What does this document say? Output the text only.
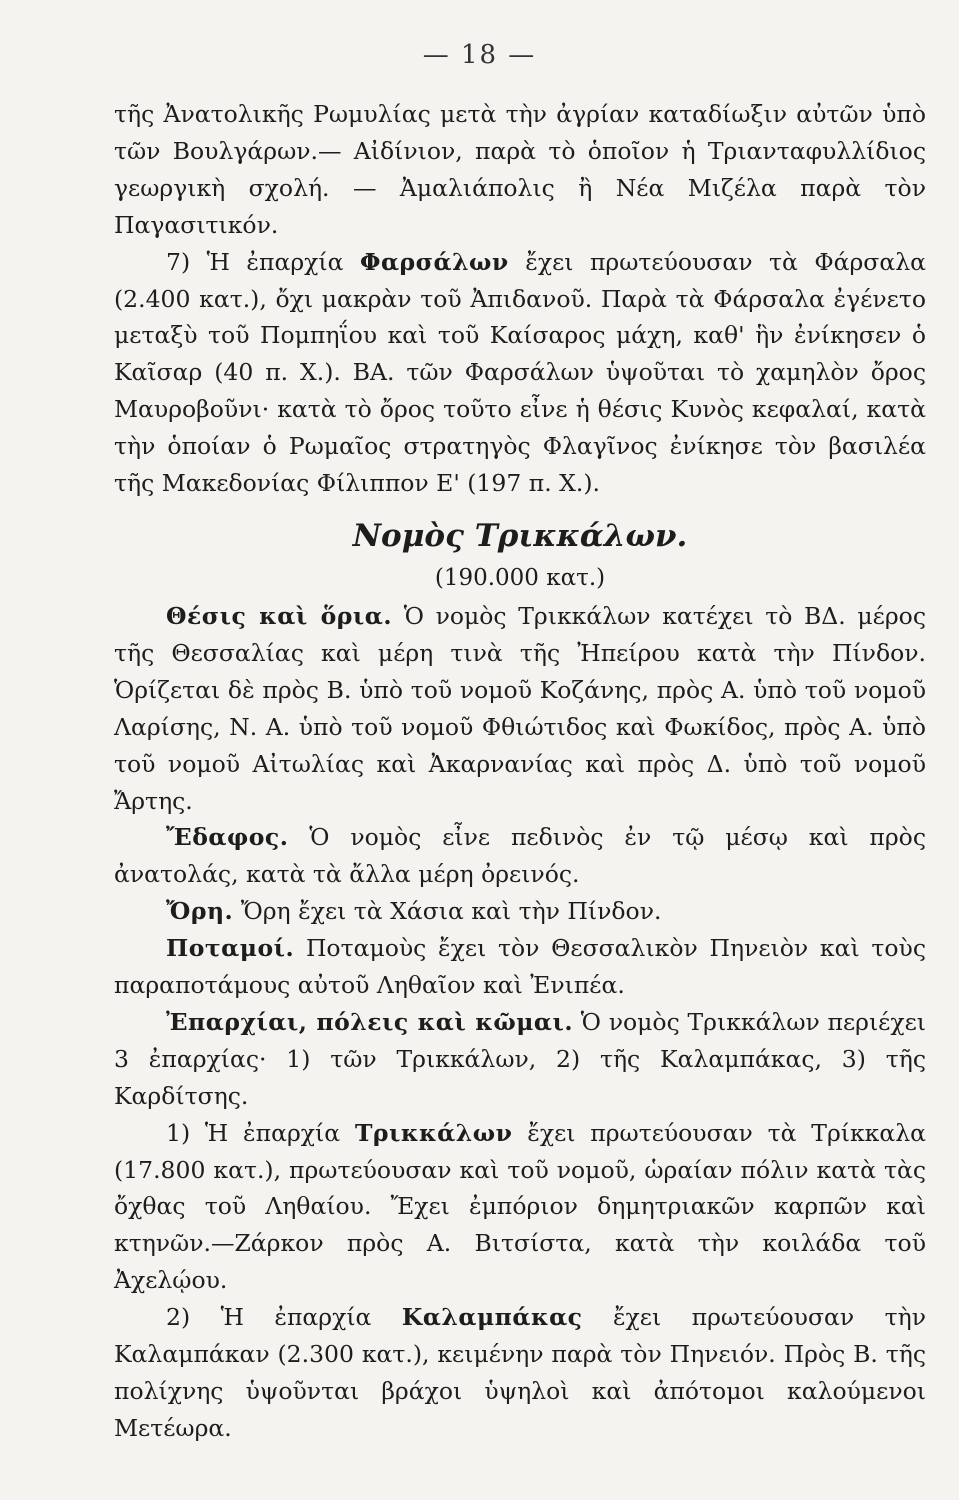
— 18 —

τῆς Ἀνατολικῆς Ρωμυλίας μετὰ τὴν ἀγρίαν καταδίωξιν αὐτῶν ὑπὸ τῶν Βουλγάρων.— Αἰδίνιον, παρὰ τὸ ὁποῖον ἡ Τριανταφυλλίδιος γεωργικὴ σχολή. — Ἀμαλιάπολις ἢ Νέα Μιζέλα παρὰ τὸν Παγασιτικόν.

7) Ἡ ἐπαρχία Φαρσάλων ἔχει πρωτεύουσαν τὰ Φάρσαλα (2.400 κατ.), ὄχι μακρὰν τοῦ Ἀπιδανοῦ. Παρὰ τὰ Φάρσαλα ἐγένετο μεταξὺ τοῦ Πομπηΐου καὶ τοῦ Καίσαρος μάχη, καθ' ἣν ἐνίκησεν ὁ Καῖσαρ (40 π. Χ.). ΒΑ. τῶν Φαρσάλων ὑψοῦται τὸ χαμηλὸν ὄρος Μαυροβοῦνι· κατὰ τὸ ὄρος τοῦτο εἶνε ἡ θέσις Κυνὸς κεφαλαί, κατὰ τὴν ὁποίαν ὁ Ρωμαῖος στρατηγὸς Φλαγῖνος ἐνίκησε τὸν βασιλέα τῆς Μακεδονίας Φίλιππον Ε' (197 π. Χ.).

Νομὸς Τρικκάλων.

(190.000 κατ.)

Θέσις καὶ ὅρια. Ὁ νομὸς Τρικκάλων κατέχει τὸ ΒΔ. μέρος τῆς Θεσσαλίας καὶ μέρη τινὰ τῆς Ἠπείρου κατὰ τὴν Πίνδον. Ὁρίζεται δὲ πρὸς Β. ὑπὸ τοῦ νομοῦ Κοζάνης, πρὸς Α. ὑπὸ τοῦ νομοῦ Λαρίσης, Ν. Α. ὑπὸ τοῦ νομοῦ Φθιώτιδος καὶ Φωκίδος, πρὸς Α. ὑπὸ τοῦ νομοῦ Αἰτωλίας καὶ Ἀκαρνανίας καὶ πρὸς Δ. ὑπὸ τοῦ νομοῦ Ἄρτης.

Ἔδαφος. Ὁ νομὸς εἶνε πεδινὸς ἐν τῷ μέσῳ καὶ πρὸς ἀνατολάς, κατὰ τὰ ἄλλα μέρη ὀρεινός.

Ὄρη. Ὄρη ἔχει τὰ Χάσια καὶ τὴν Πίνδον.

Ποταμοί. Ποταμοὺς ἔχει τὸν Θεσσαλικὸν Πηνειὸν καὶ τοὺς παραποτάμους αὐτοῦ Ληθαῖον καὶ Ἐνιπέα.

Ἐπαρχίαι, πόλεις καὶ κῶμαι. Ὁ νομὸς Τρικκάλων περιέχει 3 ἐπαρχίας· 1) τῶν Τρικκάλων, 2) τῆς Καλαμπάκας, 3) τῆς Καρδίτσης.

1) Ἡ ἐπαρχία Τρικκάλων ἔχει πρωτεύουσαν τὰ Τρίκκαλα (17.800 κατ.), πρωτεύουσαν καὶ τοῦ νομοῦ, ὡραίαν πόλιν κατὰ τὰς ὄχθας τοῦ Ληθαίου. Ἔχει ἐμπόριον δημητριακῶν καρπῶν καὶ κτηνῶν.—Ζάρκον πρὸς Α. Βιτσίστα, κατὰ τὴν κοιλάδα τοῦ Ἀχελῴου.

2) Ἡ ἐπαρχία Καλαμπάκας ἔχει πρωτεύουσαν τὴν Καλαμπάκαν (2.300 κατ.), κειμένην παρὰ τὸν Πηνειόν. Πρὸς Β. τῆς πολίχνης ὑψοῦνται βράχοι ὑψηλοὶ καὶ ἀπότομοι καλούμενοι Μετέωρα.
